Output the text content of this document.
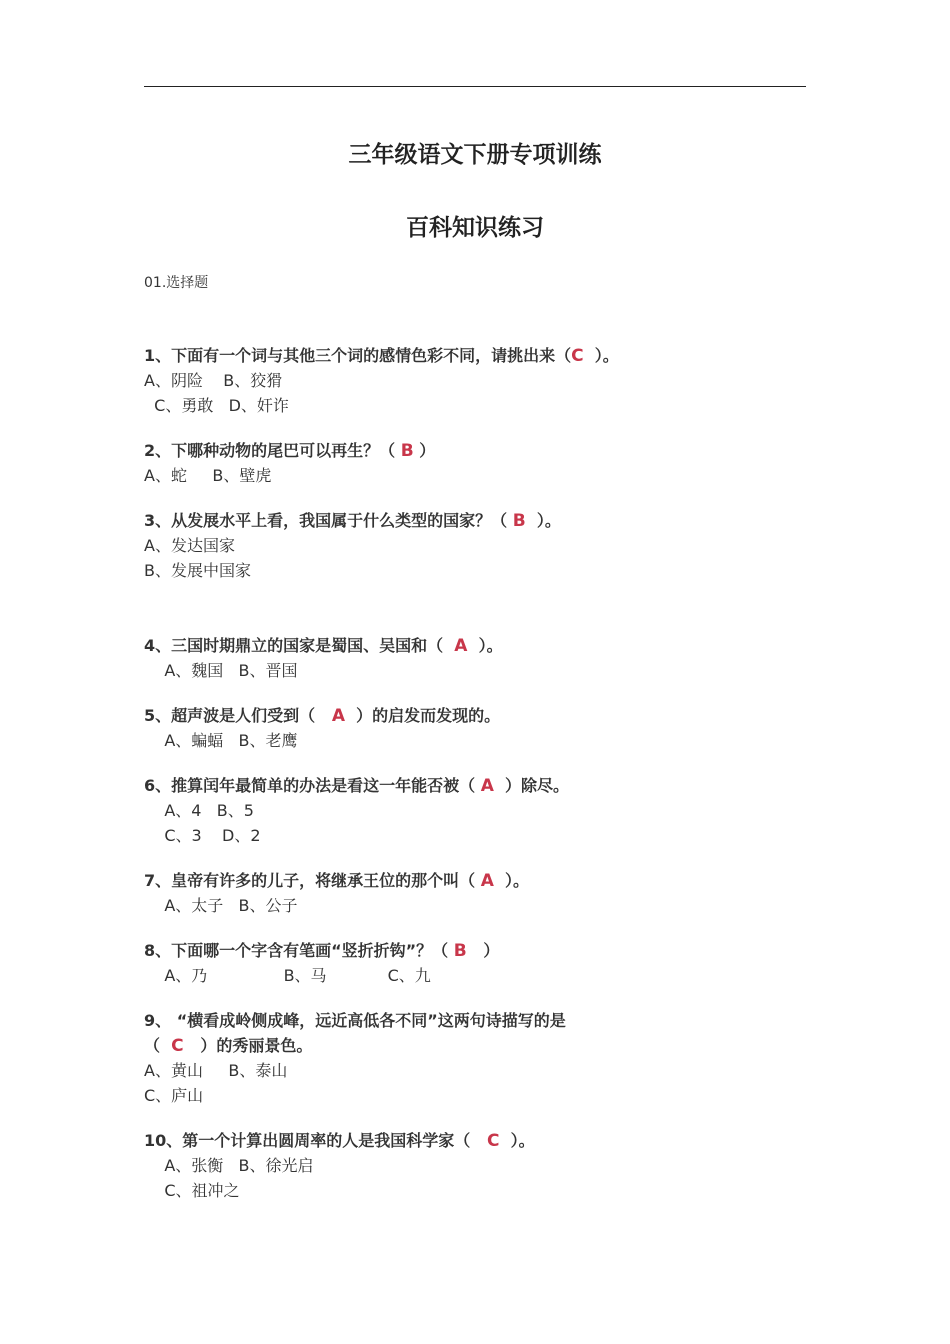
三年级语文下册专项训练
百科知识练习
01.选择题
1、下面有一个词与其他三个词的感情色彩不同，请挑出来（C  ）。
A、阴险    B、狡猾
C、勇敢   D、奸诈
2、下哪种动物的尾巴可以再生？（ B ）
A、蛇     B、壁虎
3、从发展水平上看，我国属于什么类型的国家？（ B  ）。
A、发达国家
B、发展中国家
4、三国时期鼎立的国家是蜀国、吴国和（  A  ）。
A、魏国   B、晋国
5、超声波是人们受到（   A  ）的启发而发现的。
A、蝙蝠   B、老鹰
6、推算闰年最简单的办法是看这一年能否被（ A  ）除尽。
A、4   B、5
C、3    D、2
7、皇帝有许多的儿子，将继承王位的那个叫（ A  ）。
A、太子   B、公子
8、下面哪一个字含有笔画“竖折折钩”？（ B   ）
A、乃               B、马            C、九
9、 “横看成岭侧成峰，远近高低各不同”这两句诗描写的是
（  C   ）的秀丽景色。
A、黄山     B、泰山
C、庐山
10、第一个计算出圆周率的人是我国科学家（   C  ）。
A、张衡   B、徐光启
C、祖冲之
